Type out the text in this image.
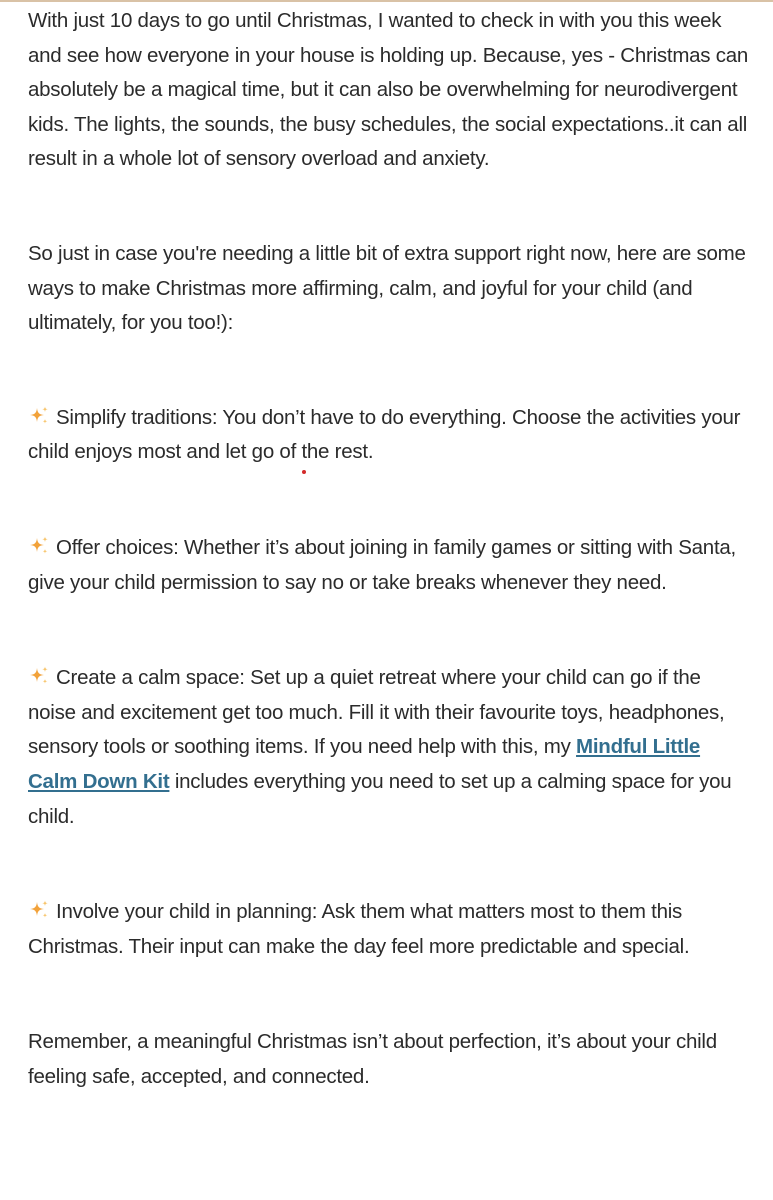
With just 10 days to go until Christmas, I wanted to check in with you this week and see how everyone in your house is holding up. Because, yes - Christmas can absolutely be a magical time, but it can also be overwhelming for neurodivergent kids. The lights, the sounds, the busy schedules, the social expectations..it can all result in a whole lot of sensory overload and anxiety.

So just in case you're needing a little bit of extra support right now, here are some ways to make Christmas more affirming, calm, and joyful for your child (and ultimately, for you too!):

Simplify traditions: You don’t have to do everything. Choose the activities your child enjoys most and let go of the rest.

Offer choices: Whether it’s about joining in family games or sitting with Santa, give your child permission to say no or take breaks whenever they need.

Create a calm space: Set up a quiet retreat where your child can go if the noise and excitement get too much. Fill it with their favourite toys, headphones, sensory tools or soothing items. If you need help with this, my Mindful Little Calm Down Kit includes everything you need to set up a calming space for you child.

Involve your child in planning: Ask them what matters most to them this Christmas. Their input can make the day feel more predictable and special.

Remember, a meaningful Christmas isn’t about perfection, it’s about your child feeling safe, accepted, and connected.
